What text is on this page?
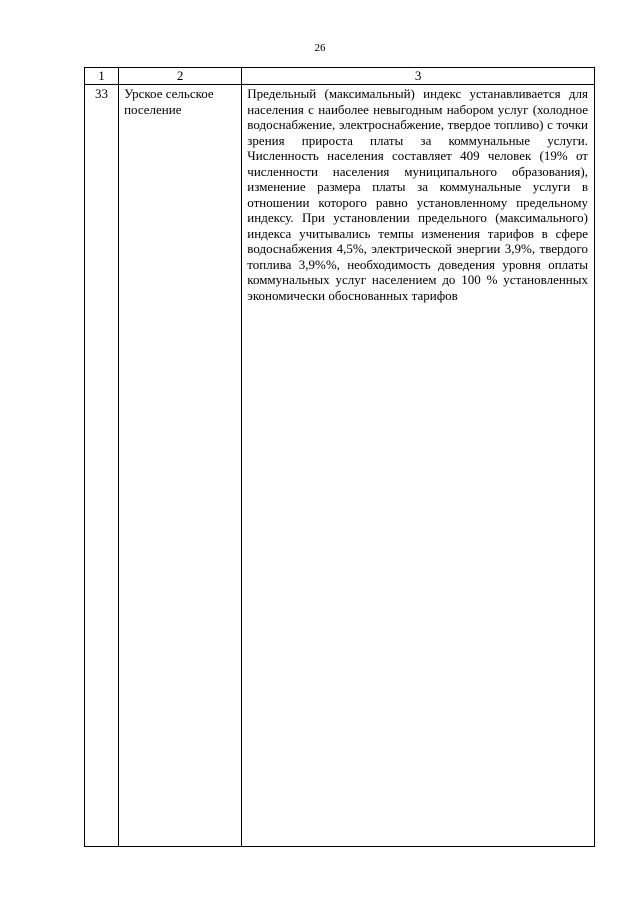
26
1	2	3
33	Урское сельское поселение	Предельный (максимальный) индекс устанавливается для населения с наиболее невыгодным набором услуг (холодное водоснабжение, электроснабжение, твердое топливо) с точки зрения прироста платы за коммунальные услуги. Численность населения составляет 409 человек (19% от численности населения муниципального образования), изменение размера платы за коммунальные услуги в отношении которого равно установленному предельному индексу. При установлении предельного (максимального) индекса учитывались темпы изменения тарифов в сфере водоснабжения 4,5%, электрической энергии 3,9%, твердого топлива 3,9%%, необходимость доведения уровня оплаты коммунальных услуг населением до 100 % установленных экономически обоснованных тарифов
